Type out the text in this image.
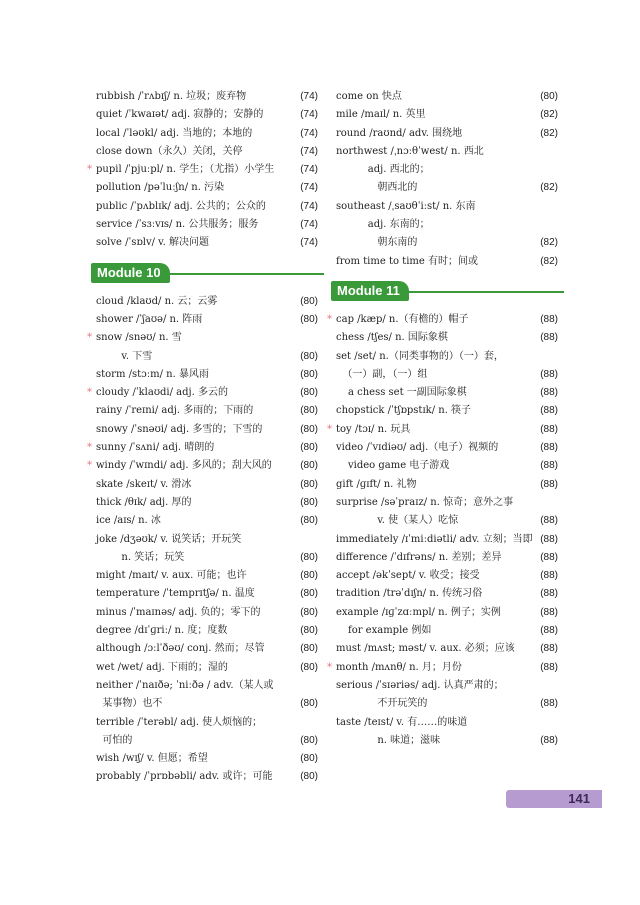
rubbish /ˈrʌbɪʃ/ n. 垃圾；废弃物	(74)
quiet /ˈkwaɪət/ adj. 寂静的；安静的	(74)
local /ˈləʊkl/ adj. 当地的；本地的	(74)
close down（永久）关闭，关停	(74)
* pupil /ˈpjuːpl/ n. 学生；（尤指）小学生	(74)
pollution /pəˈluːʃn/ n. 污染	(74)
public /ˈpʌblɪk/ adj. 公共的；公众的	(74)
service /ˈsɜːvɪs/ n. 公共服务；服务	(74)
solve /ˈsɒlv/ v. 解决问题	(74)
Module 10
cloud /klaʊd/ n. 云；云雾	(80)
shower /ˈʃaʊə/ n. 阵雨	(80)
* snow /snəʊ/ n. 雪
v. 下雪	(80)
storm /stɔːm/ n. 暴风雨	(80)
* cloudy /ˈklaʊdi/ adj. 多云的	(80)
rainy /ˈreɪni/ adj. 多雨的；下雨的	(80)
snowy /ˈsnəʊi/ adj. 多雪的；下雪的	(80)
* sunny /ˈsʌni/ adj. 晴朗的	(80)
* windy /ˈwɪndi/ adj. 多风的；刮大风的	(80)
skate /skeɪt/ v. 滑冰	(80)
thick /θɪk/ adj. 厚的	(80)
ice /aɪs/ n. 冰	(80)
joke /dʒəʊk/ v. 说笑话；开玩笑
n. 笑话；玩笑	(80)
might /maɪt/ v. aux. 可能；也许	(80)
temperature /ˈtemprɪtʃə/ n. 温度	(80)
minus /ˈmaɪnəs/ adj. 负的；零下的	(80)
degree /dɪˈɡriː/ n. 度；度数	(80)
although /ɔːlˈðəʊ/ conj. 然而；尽管	(80)
wet /wet/ adj. 下雨的；湿的	(80)
neither /ˈnaɪðə; ˈniːðə / adv.（某人或
某事物）也不	(80)
terrible /ˈterəbl/ adj. 使人烦恼的；
可怕的	(80)
wish /wɪʃ/ v. 但愿；希望	(80)
probably /ˈprɒbəbli/ adv. 或许；可能	(80)
come on 快点	(80)
mile /maɪl/ n. 英里	(82)
round /raʊnd/ adv. 围绕地	(82)
northwest /ˌnɔːθˈwest/ n. 西北
adj. 西北的；
朝西北的	(82)
southeast /ˌsaʊθˈiːst/ n. 东南
adj. 东南的；
朝东南的	(82)
from time to time 有时；间或	(82)
Module 11
* cap /kæp/ n.（有檐的）帽子	(88)
chess /tʃes/ n. 国际象棋	(88)
set /set/ n.（同类事物的）（一）套，
（一）副，（一）组	(88)
a chess set 一副国际象棋	(88)
chopstick /ˈtʃɒpstɪk/ n. 筷子	(88)
* toy /tɔɪ/ n. 玩具	(88)
video /ˈvɪdiəʊ/ adj.（电子）视频的	(88)
video game 电子游戏	(88)
gift /ɡɪft/ n. 礼物	(88)
surprise /səˈpraɪz/ n. 惊奇；意外之事
v. 使（某人）吃惊	(88)
immediately /ɪˈmiːdiətli/ adv. 立刻；当即 (88)
difference /ˈdɪfrəns/ n. 差别；差异	(88)
accept /əkˈsept/ v. 收受；接受	(88)
tradition /trəˈdɪʃn/ n. 传统习俗	(88)
example /ɪɡˈzɑːmpl/ n. 例子；实例	(88)
for example 例如	(88)
must /mʌst; məst/ v. aux. 必须；应该	(88)
* month /mʌnθ/ n. 月；月份	(88)
serious /ˈsɪəriəs/ adj. 认真严肃的；
不开玩笑的	(88)
taste /teɪst/ v. 有……的味道
n. 味道；滋味	(88)
141
